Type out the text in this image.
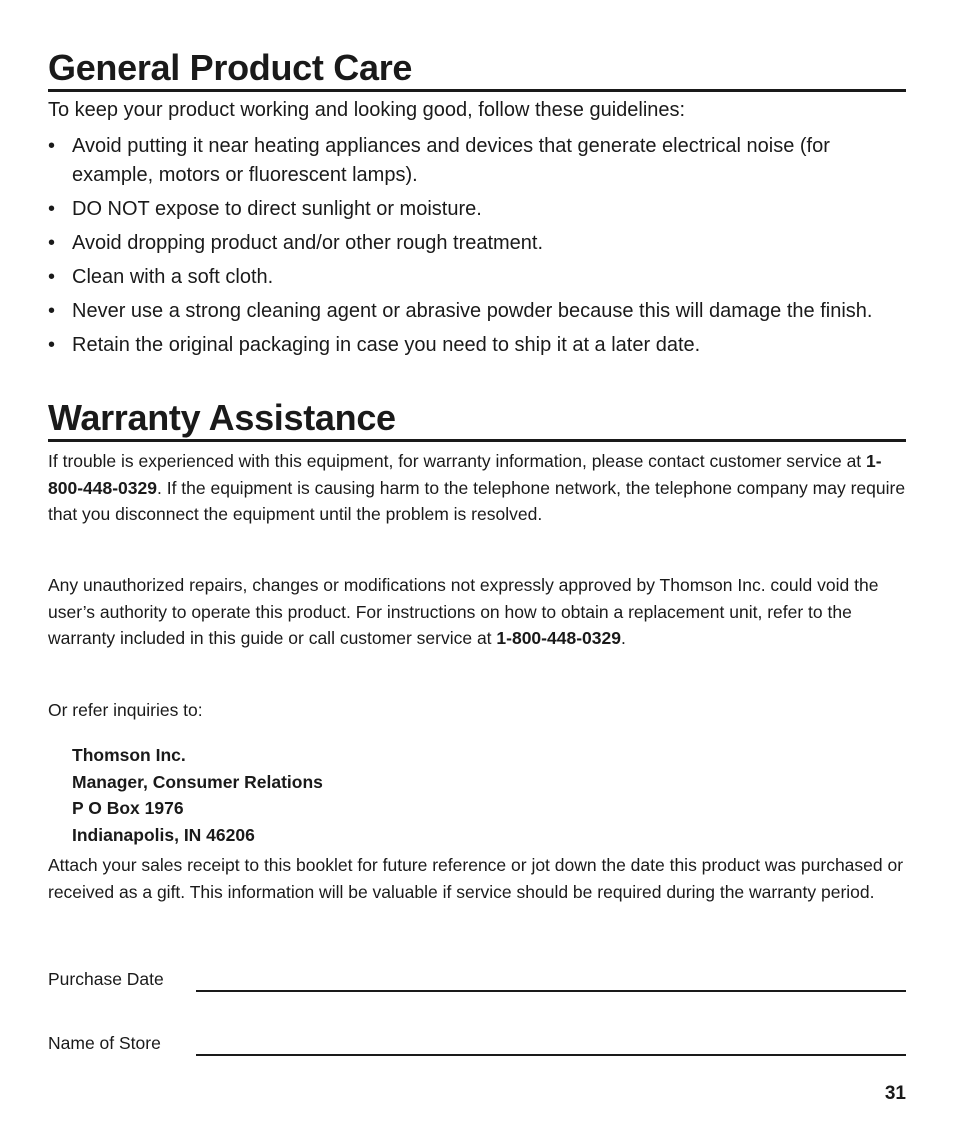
General Product Care
To keep your product working and looking good, follow these guidelines:
• Avoid putting it near heating appliances and devices that generate electrical noise (for example, motors or fluorescent lamps).
• DO NOT expose to direct sunlight or moisture.
• Avoid dropping product and/or other rough treatment.
• Clean with a soft cloth.
• Never use a strong cleaning agent or abrasive powder because this will damage the finish.
• Retain the original packaging in case you need to ship it at a later date.
Warranty Assistance

If trouble is experienced with this equipment, for warranty information, please contact customer service at 1-800-448-0329. If the equipment is causing harm to the telephone network, the telephone company may require that you disconnect the equipment until the problem is resolved.

Any unauthorized repairs, changes or modifications not expressly approved by Thomson Inc. could void the user’s authority to operate this product. For instructions on how to obtain a replacement unit, refer to the warranty included in this guide or call customer service at 1-800-448-0329.

Or refer inquiries to:

Thomson Inc.
Manager, Consumer Relations
P O Box 1976
Indianapolis, IN 46206

Attach your sales receipt to this booklet for future reference or jot down the date this product was purchased or received as a gift. This information will be valuable if service should be required during the warranty period.

Purchase Date
Name of Store
31
